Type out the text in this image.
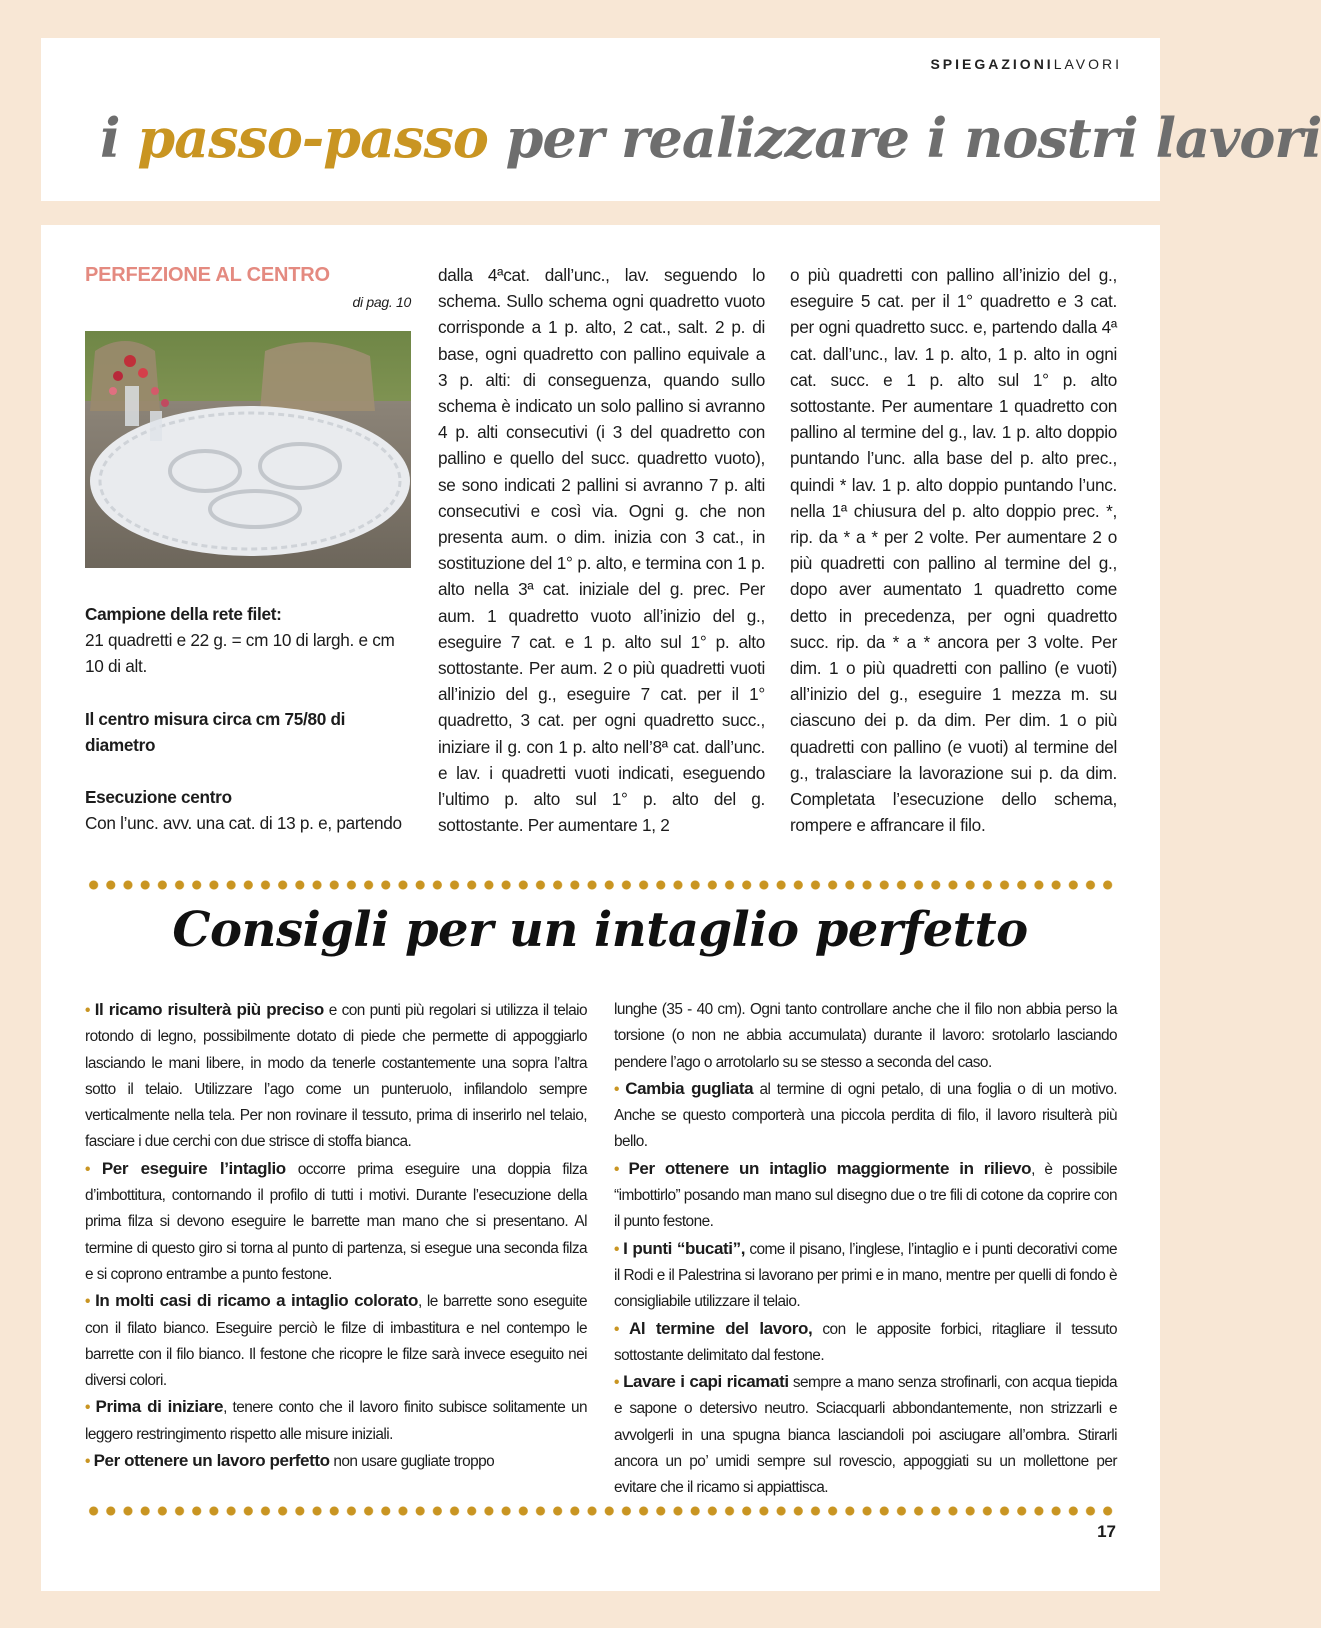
SPIEGAZIONILAVORI
i passo-passo per realizzare i nostri lavori
PERFEZIONE AL CENTRO
di pag. 10
Campione della rete filet:
21 quadretti e 22 g. = cm 10 di largh. e cm 10 di alt.
Il centro misura circa cm 75/80 di diametro
Esecuzione centro
Con l’unc. avv. una cat. di 13 p. e, partendo
dalla 4ªcat. dall’unc., lav. seguendo lo schema. Sullo schema ogni quadretto vuoto corrisponde a 1 p. alto, 2 cat., salt. 2 p. di base, ogni quadretto con pallino equivale a 3 p. alti: di conseguenza, quando sullo schema è indicato un solo pallino si avranno 4 p. alti consecutivi (i 3 del quadretto con pallino e quello del succ. quadretto vuoto), se sono indicati 2 pallini si avranno 7 p. alti consecutivi e così via. Ogni g. che non presenta aum. o dim. inizia con 3 cat., in sostituzione del 1° p. alto, e termina con 1 p. alto nella 3ª cat. iniziale del g. prec. Per aum. 1 quadretto vuoto all’inizio del g., eseguire 7 cat. e 1 p. alto sul 1° p. alto sottostante. Per aum. 2 o più quadretti vuoti all’inizio del g., eseguire 7 cat. per il 1° quadretto, 3 cat. per ogni quadretto succ., iniziare il g. con 1 p. alto nell’8ª cat. dall’unc. e lav. i quadretti vuoti indicati, eseguendo l’ultimo p. alto sul 1° p. alto del g. sottostante. Per aumentare 1, 2
o più quadretti con pallino all’inizio del g., eseguire 5 cat. per il 1° quadretto e 3 cat. per ogni quadretto succ. e, partendo dalla 4ª cat. dall’unc., lav. 1 p. alto, 1 p. alto in ogni cat. succ. e 1 p. alto sul 1° p. alto sottostante. Per aumentare 1 quadretto con pallino al termine del g., lav. 1 p. alto doppio puntando l’unc. alla base del p. alto prec., quindi * lav. 1 p. alto doppio puntando l’unc. nella 1ª chiusura del p. alto doppio prec. *, rip. da * a * per 2 volte. Per aumentare 2 o più quadretti con pallino al termine del g., dopo aver aumentato 1 quadretto come detto in precedenza, per ogni quadretto succ. rip. da * a * ancora per 3 volte. Per dim. 1 o più quadretti con pallino (e vuoti) all’inizio del g., eseguire 1 mezza m. su ciascuno dei p. da dim. Per dim. 1 o più quadretti con pallino (e vuoti) al termine del g., tralasciare la lavorazione sui p. da dim. Completata l’esecuzione dello schema, rompere e affrancare il filo.
Consigli per un intaglio perfetto
• Il ricamo risulterà più preciso e con punti più regolari si utilizza il telaio rotondo di legno, possibilmente dotato di piede che permette di appoggiarlo lasciando le mani libere, in modo da tenerle costantemente una sopra l’altra sotto il telaio. Utilizzare l’ago come un punteruolo, infilandolo sempre verticalmente nella tela. Per non rovinare il tessuto, prima di inserirlo nel telaio, fasciare i due cerchi con due strisce di stoffa bianca.
• Per eseguire l’intaglio occorre prima eseguire una doppia filza d’imbottitura, contornando il profilo di tutti i motivi. Durante l’esecuzione della prima filza si devono eseguire le barrette man mano che si presentano. Al termine di questo giro si torna al punto di partenza, si esegue una seconda filza e si coprono entrambe a punto festone.
• In molti casi di ricamo a intaglio colorato, le barrette sono eseguite con il filato bianco. Eseguire perciò le filze di imbastitura e nel contempo le barrette con il filo bianco. Il festone che ricopre le filze sarà invece eseguito nei diversi colori.
• Prima di iniziare, tenere conto che il lavoro finito subisce solitamente un leggero restringimento rispetto alle misure iniziali.
• Per ottenere un lavoro perfetto non usare gugliate troppo
lunghe (35 - 40 cm). Ogni tanto controllare anche che il filo non abbia perso la torsione (o non ne abbia accumulata) durante il lavoro: srotolarlo lasciando pendere l’ago o arrotolarlo su se stesso a seconda del caso.
• Cambia gugliata al termine di ogni petalo, di una foglia o di un motivo. Anche se questo comporterà una piccola perdita di filo, il lavoro risulterà più bello.
• Per ottenere un intaglio maggiormente in rilievo, è possibile “imbottirlo” posando man mano sul disegno due o tre fili di cotone da coprire con il punto festone.
• I punti “bucati”, come il pisano, l’inglese, l’intaglio e i punti decorativi come il Rodi e il Palestrina si lavorano per primi e in mano, mentre per quelli di fondo è consigliabile utilizzare il telaio.
• Al termine del lavoro, con le apposite forbici, ritagliare il tessuto sottostante delimitato dal festone.
• Lavare i capi ricamati sempre a mano senza strofinarli, con acqua tiepida e sapone o detersivo neutro. Sciacquarli abbondantemente, non strizzarli e avvolgerli in una spugna bianca lasciandoli poi asciugare all’ombra. Stirarli ancora un po’ umidi sempre sul rovescio, appoggiati su un mollettone per evitare che il ricamo si appiattisca.
17
